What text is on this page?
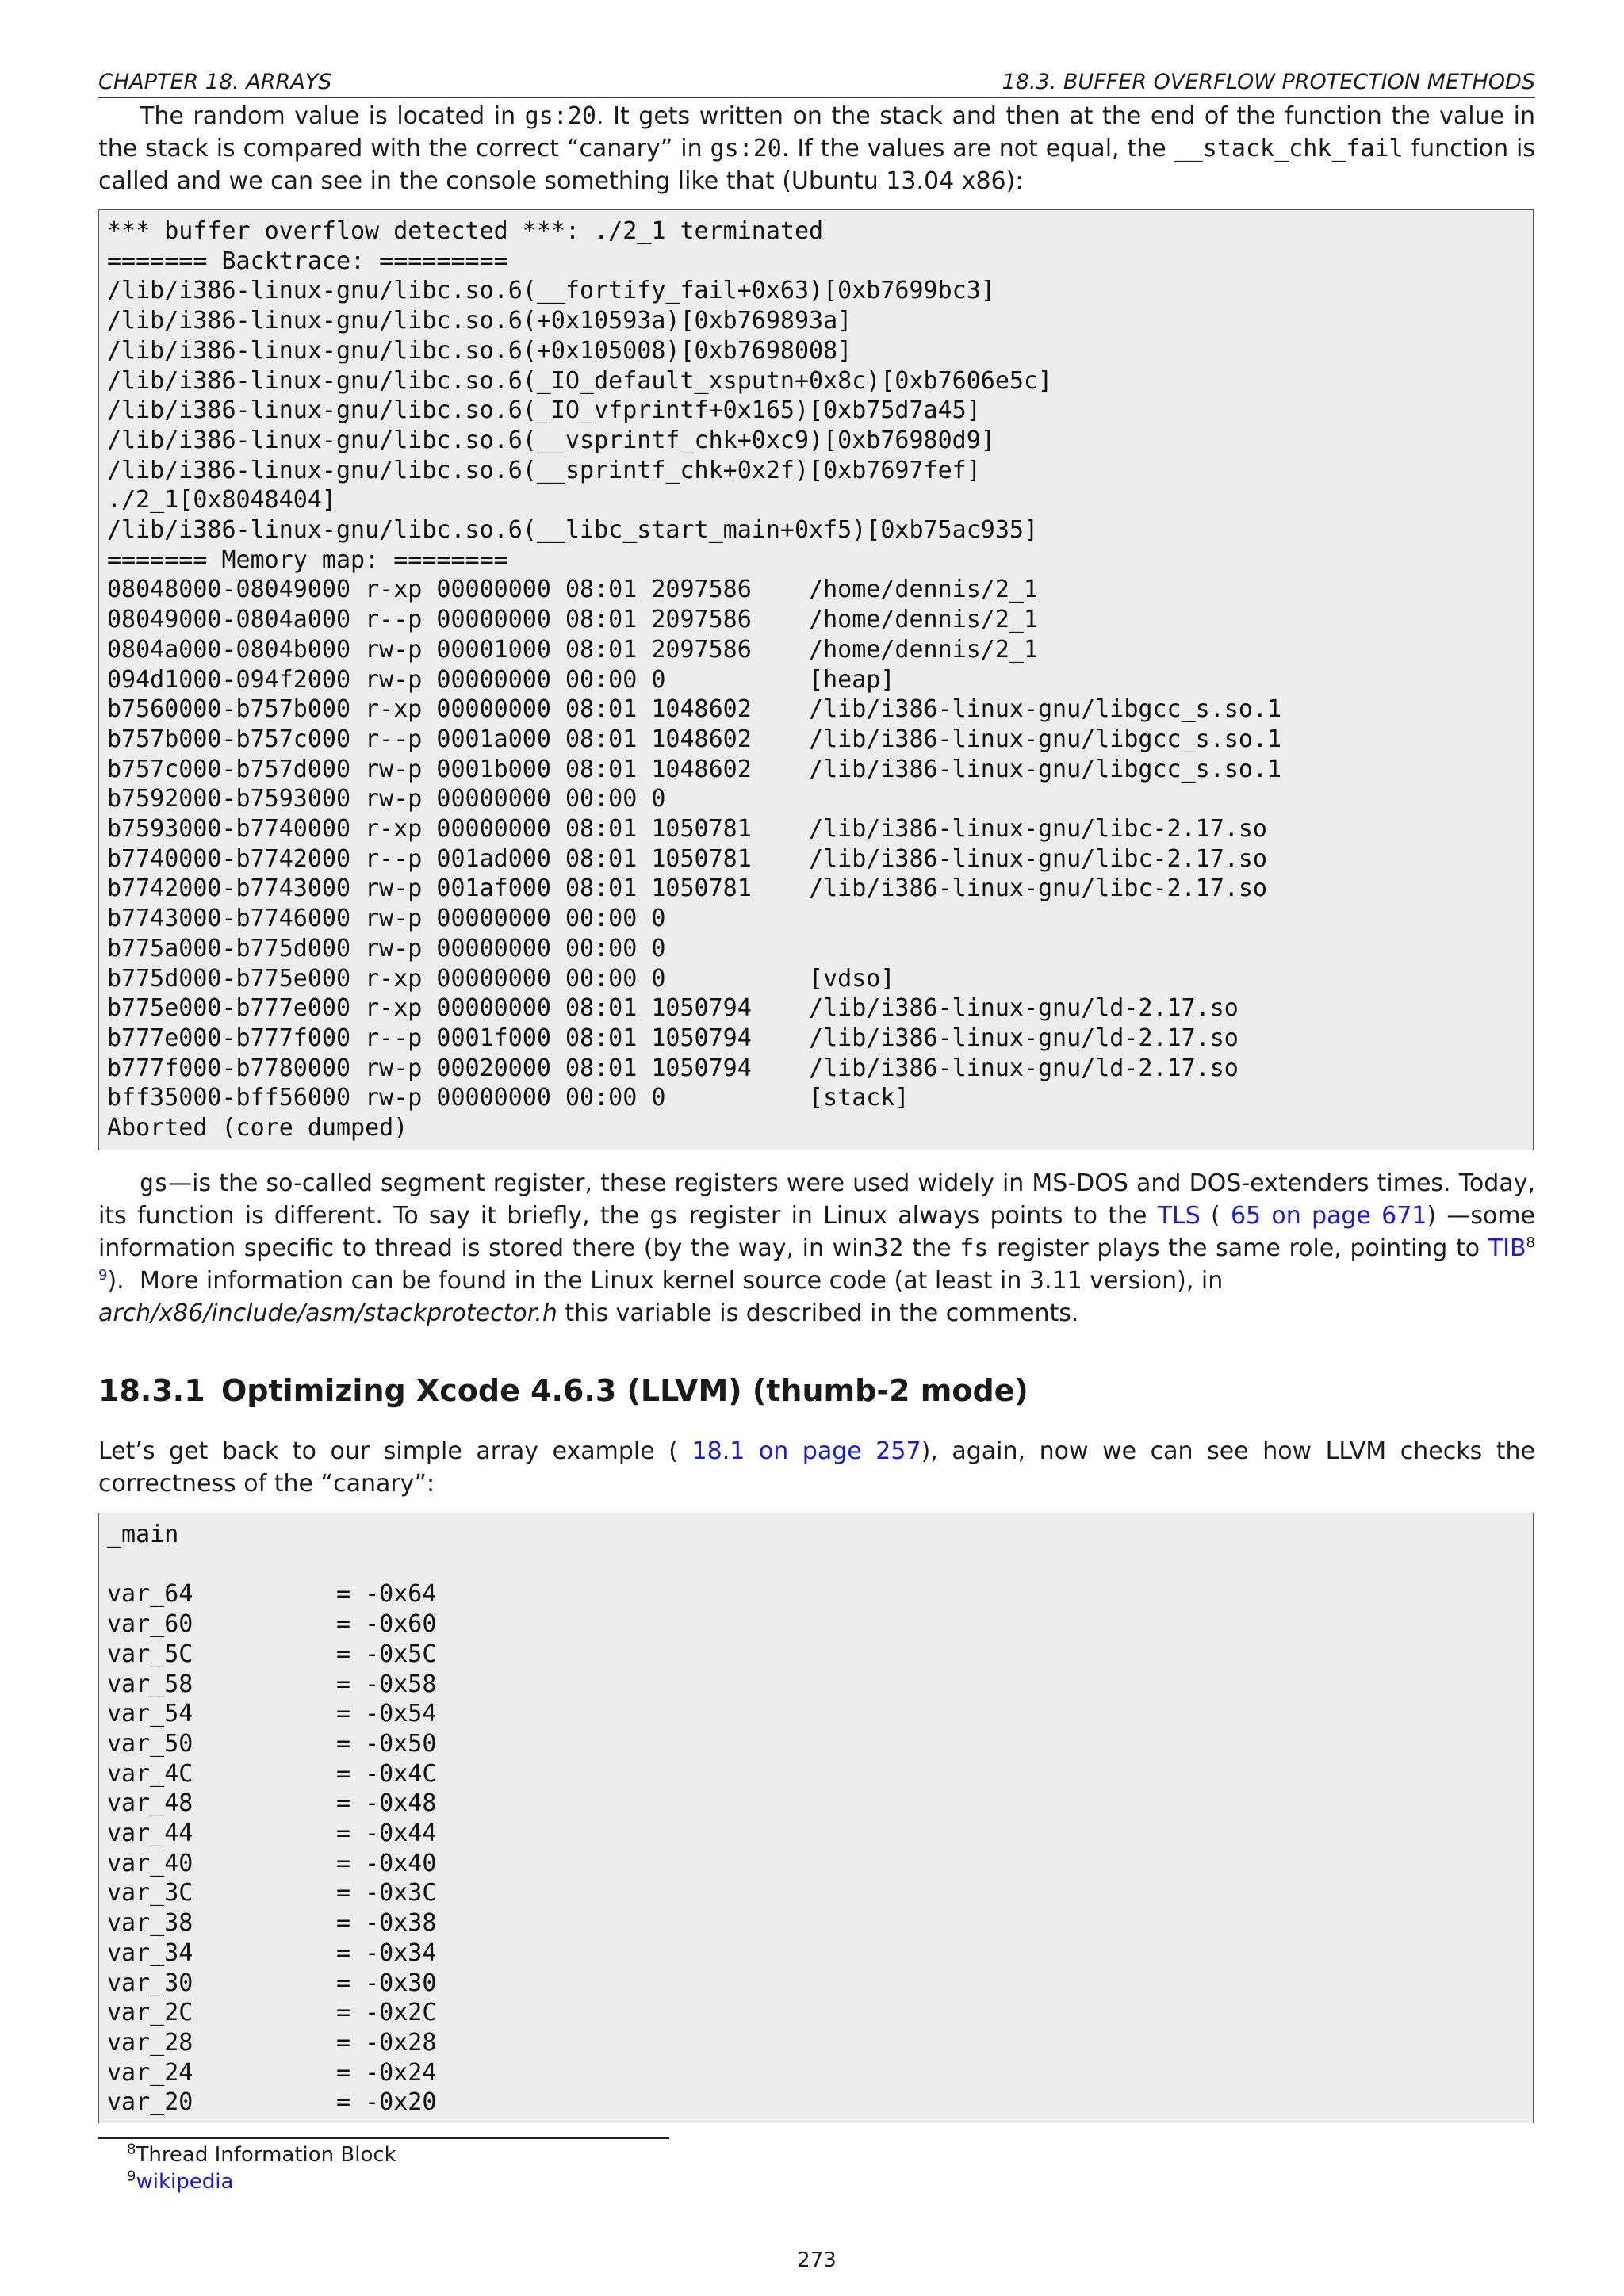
CHAPTER 18. ARRAYS	18.3. BUFFER OVERFLOW PROTECTION METHODS
The random value is located in gs:20. It gets written on the stack and then at the end of the function the value in the stack is compared with the correct “canary” in gs:20. If the values are not equal, the __stack_chk_fail function is called and we can see in the console something like that (Ubuntu 13.04 x86):
*** buffer overflow detected ***: ./2_1 terminated
======= Backtrace: =========
/lib/i386-linux-gnu/libc.so.6(__fortify_fail+0x63)[0xb7699bc3]
/lib/i386-linux-gnu/libc.so.6(+0x10593a)[0xb769893a]
/lib/i386-linux-gnu/libc.so.6(+0x105008)[0xb7698008]
/lib/i386-linux-gnu/libc.so.6(_IO_default_xsputn+0x8c)[0xb7606e5c]
/lib/i386-linux-gnu/libc.so.6(_IO_vfprintf+0x165)[0xb75d7a45]
/lib/i386-linux-gnu/libc.so.6(__vsprintf_chk+0xc9)[0xb76980d9]
/lib/i386-linux-gnu/libc.so.6(__sprintf_chk+0x2f)[0xb7697fef]
./2_1[0x8048404]
/lib/i386-linux-gnu/libc.so.6(__libc_start_main+0xf5)[0xb75ac935]
======= Memory map: ========
08048000-08049000 r-xp 00000000 08:01 2097586    /home/dennis/2_1
08049000-0804a000 r--p 00000000 08:01 2097586    /home/dennis/2_1
0804a000-0804b000 rw-p 00001000 08:01 2097586    /home/dennis/2_1
094d1000-094f2000 rw-p 00000000 00:00 0          [heap]
b7560000-b757b000 r-xp 00000000 08:01 1048602    /lib/i386-linux-gnu/libgcc_s.so.1
b757b000-b757c000 r--p 0001a000 08:01 1048602    /lib/i386-linux-gnu/libgcc_s.so.1
b757c000-b757d000 rw-p 0001b000 08:01 1048602    /lib/i386-linux-gnu/libgcc_s.so.1
b7592000-b7593000 rw-p 00000000 00:00 0
b7593000-b7740000 r-xp 00000000 08:01 1050781    /lib/i386-linux-gnu/libc-2.17.so
b7740000-b7742000 r--p 001ad000 08:01 1050781    /lib/i386-linux-gnu/libc-2.17.so
b7742000-b7743000 rw-p 001af000 08:01 1050781    /lib/i386-linux-gnu/libc-2.17.so
b7743000-b7746000 rw-p 00000000 00:00 0
b775a000-b775d000 rw-p 00000000 00:00 0
b775d000-b775e000 r-xp 00000000 00:00 0          [vdso]
b775e000-b777e000 r-xp 00000000 08:01 1050794    /lib/i386-linux-gnu/ld-2.17.so
b777e000-b777f000 r--p 0001f000 08:01 1050794    /lib/i386-linux-gnu/ld-2.17.so
b777f000-b7780000 rw-p 00020000 08:01 1050794    /lib/i386-linux-gnu/ld-2.17.so
bff35000-bff56000 rw-p 00000000 00:00 0          [stack]
Aborted (core dumped)
gs—is the so-called segment register, these registers were used widely in MS-DOS and DOS-extenders times. Today, its function is different. To say it briefly, the gs register in Linux always points to the TLS ( 65 on page 671) —some information specific to thread is stored there (by the way, in win32 the fs register plays the same role, pointing to TIB$^8$ $^9$). More information can be found in the Linux kernel source code (at least in 3.11 version), in arch/x86/include/asm/stackprotector.h this variable is described in the comments.
18.3.1 Optimizing Xcode 4.6.3 (LLVM) (thumb-2 mode)
Let’s get back to our simple array example ( 18.1 on page 257), again, now we can see how LLVM checks the correctness of the “canary”:
_main

var_64          = -0x64
var_60          = -0x60
var_5C          = -0x5C
var_58          = -0x58
var_54          = -0x54
var_50          = -0x50
var_4C          = -0x4C
var_48          = -0x48
var_44          = -0x44
var_40          = -0x40
var_3C          = -0x3C
var_38          = -0x38
var_34          = -0x34
var_30          = -0x30
var_2C          = -0x2C
var_28          = -0x28
var_24          = -0x24
var_20          = -0x20
$^8$Thread Information Block
$^9$wikipedia
273
